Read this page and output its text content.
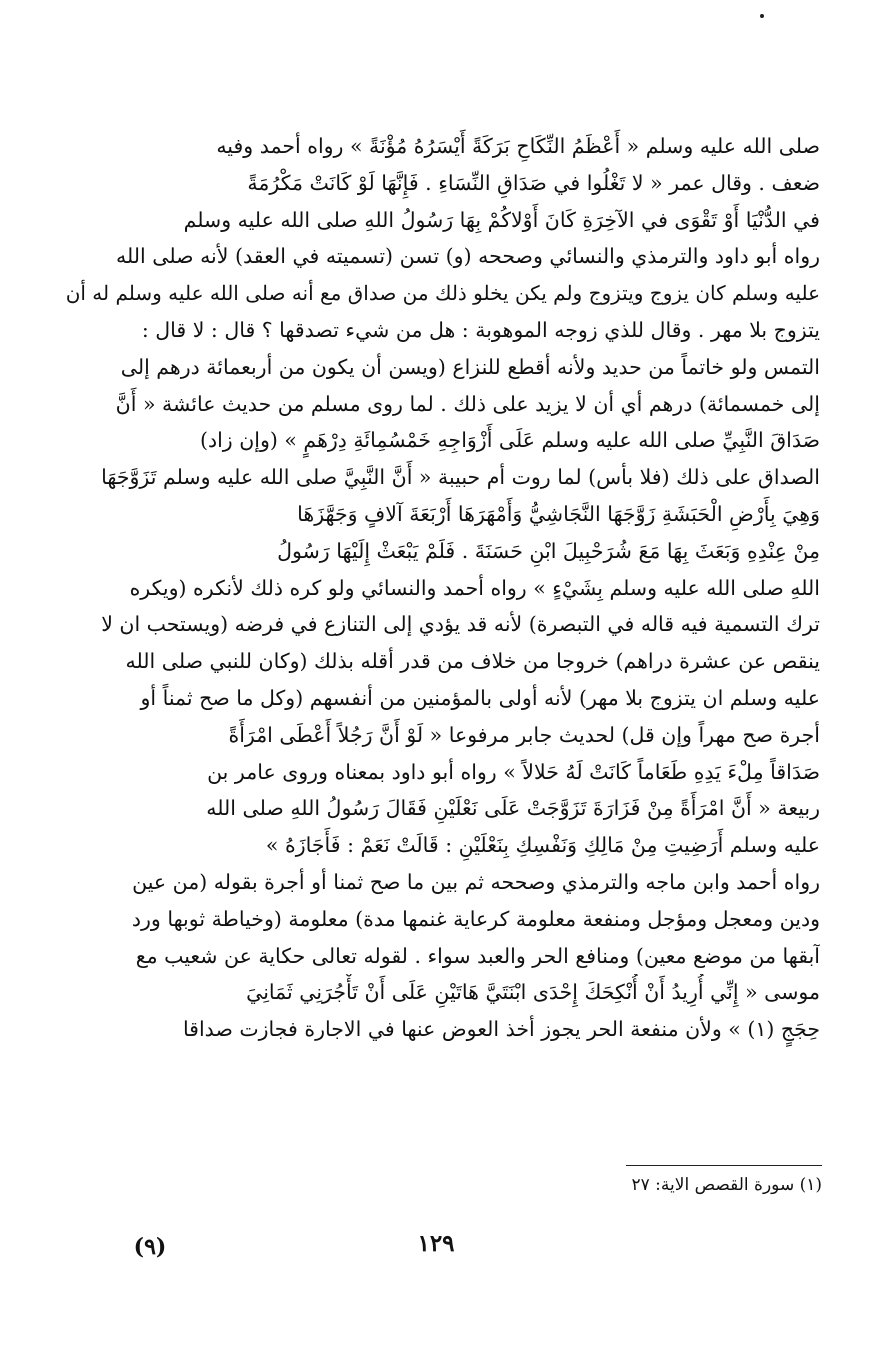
صلى الله عليه وسلم « أَعْظَمُ النِّكَاحِ بَرَكَةً أَيْسَرُهُ مُؤْنَةً » رواه أحمد وفيه
ضعف . وقال عمر « لا تَغْلُوا في صَدَاقِ النِّسَاءِ . فَإِنَّهَا لَوْ كَانَتْ مَكْرُمَةً
في الدُّنْيَا أَوْ تَقْوَى في الآخِرَةِ كَانَ أَوْلاكُمْ بِهَا رَسُولُ اللهِ صلى الله عليه وسلم
رواه أبو داود والترمذي والنسائي وصححه (و) تسن (تسميته في العقد) لأنه صلى الله
عليه وسلم كان يزوج ويتزوج ولم يكن يخلو ذلك من صداق مع أنه صلى الله عليه وسلم له أن
يتزوج بلا مهر . وقال للذي زوجه الموهوبة : هل من شيء تصدقها ؟ قال : لا قال :
التمس ولو خاتماً من حديد ولأنه أقطع للنزاع (ويسن أن يكون من أربعمائة درهم إلى
إلى خمسمائة) درهم أي أن لا يزيد على ذلك . لما روى مسلم من حديث عائشة « أَنَّ
صَدَاقَ النَّبِيِّ صلى الله عليه وسلم عَلَى أَزْوَاجِهِ خَمْسُمِائَةِ دِرْهَمٍ » (وإن زاد)
الصداق على ذلك (فلا بأس) لما روت أم حبيبة « أَنَّ النَّبِيَّ صلى الله عليه وسلم تَزَوَّجَهَا
وَهِيَ بِأَرْضِ الْحَبَشَةِ زَوَّجَهَا النَّجَاشِيُّ وَأَمْهَرَهَا أَرْبَعَةَ آلافٍ وَجَهَّزَهَا
مِنْ عِنْدِهِ وَبَعَثَ بِهَا مَعَ شُرَحْبِيلَ ابْنِ حَسَنَةَ . فَلَمْ يَبْعَثْ إِلَيْهَا رَسُولُ
اللهِ صلى الله عليه وسلم بِشَيْءٍ » رواه أحمد والنسائي ولو كره ذلك لأنكره (ويكره
ترك التسمية فيه قاله في التبصرة) لأنه قد يؤدي إلى التنازع في فرضه (ويستحب ان لا
ينقص عن عشرة دراهم) خروجا من خلاف من قدر أقله بذلك (وكان للنبي صلى الله
عليه وسلم ان يتزوج بلا مهر) لأنه أولى بالمؤمنين من أنفسهم (وكل ما صح ثمناً أو
أجرة صح مهراً وإن قل) لحديث جابر مرفوعا « لَوْ أَنَّ رَجُلاً أَعْطَى امْرَأَةً
صَدَاقاً مِلْءَ يَدِهِ طَعَاماً كَانَتْ لَهُ حَلالاً » رواه أبو داود بمعناه وروى عامر بن
ربيعة « أَنَّ امْرَأَةً مِنْ فَزَارَةَ تَزَوَّجَتْ عَلَى نَعْلَيْنِ فَقَالَ رَسُولُ اللهِ صلى الله
عليه وسلم أَرَضِيتِ مِنْ مَالِكِ وَنَفْسِكِ بِنَعْلَيْنِ : قَالَتْ نَعَمْ : فَأَجَازَهُ »
رواه أحمد وابن ماجه والترمذي وصححه ثم بين ما صح ثمنا أو أجرة بقوله (من عين
ودين ومعجل ومؤجل ومنفعة معلومة كرعاية غنمها مدة) معلومة (وخياطة ثوبها ورد
آبقها من موضع معين) ومنافع الحر والعبد سواء . لقوله تعالى حكاية عن شعيب مع
موسى « إِنِّي أُرِيدُ أَنْ أُنْكِحَكَ إِحْدَى ابْنَتَيَّ هَاتَيْنِ عَلَى أَنْ تَأْجُرَنِي ثَمَانِيَ
حِجَجٍ (١) » ولأن منفعة الحر يجوز أخذ العوض عنها في الاجارة فجازت صداقا
(١) سورة القصص الاية: ٢٧
١٢٩
(٩)
